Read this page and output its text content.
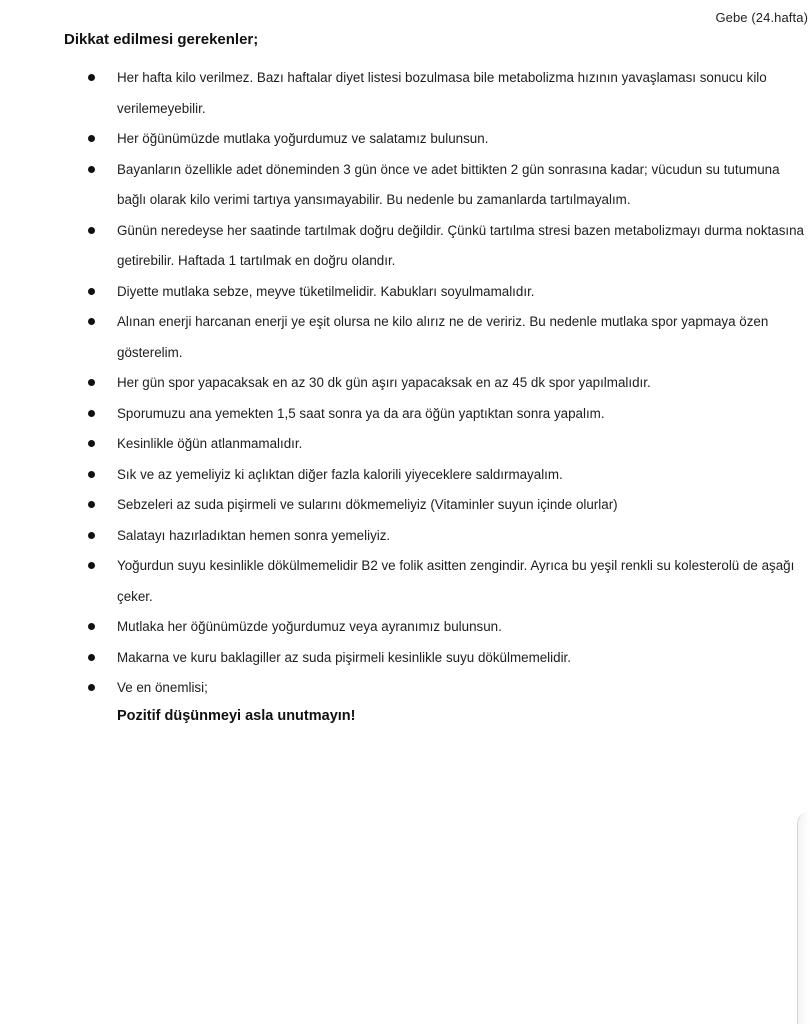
Gebe (24.hafta)
Dikkat edilmesi gerekenler;
Her hafta kilo verilmez. Bazı haftalar diyet listesi bozulmasa bile metabolizma hızının yavaşlaması sonucu kilo verilemeyebilir.
Her öğünümüzde mutlaka yoğurdumuz ve salatamız bulunsun.
Bayanların özellikle adet döneminden 3 gün önce ve adet bittikten 2 gün sonrasına kadar; vücudun su tutumuna bağlı olarak kilo verimi tartıya yansımayabilir. Bu nedenle bu zamanlarda tartılmayalım.
Günün neredeyse her saatinde tartılmak doğru değildir. Çünkü tartılma stresi bazen metabolizmayı durma noktasına getirebilir. Haftada 1 tartılmak en doğru olandır.
Diyette mutlaka sebze, meyve tüketilmelidir. Kabukları soyulmamalıdır.
Alınan enerji harcanan enerji ye eşit olursa ne kilo alırız ne de veririz. Bu nedenle mutlaka spor yapmaya özen gösterelim.
Her gün spor yapacaksak en az 30 dk gün aşırı yapacaksak en az 45 dk spor yapılmalıdır.
Sporumuzu ana yemekten 1,5 saat sonra ya da ara öğün yaptıktan sonra yapalım.
Kesinlikle öğün atlanmamalıdır.
Sık ve az yemeliyiz ki açlıktan diğer fazla kalorili yiyeceklere saldırmayalım.
Sebzeleri az suda pişirmeli ve sularını dökmemeliyiz (Vitaminler suyun içinde olurlar)
Salatayı hazırladıktan hemen sonra yemeliyiz.
Yoğurdun suyu kesinlikle dökülmemelidir B2 ve folik asitten zengindir. Ayrıca bu yeşil renkli su kolesterolü de aşağı çeker.
Mutlaka her öğünümüzde yoğurdumuz veya ayranımız bulunsun.
Makarna ve kuru baklagiller az suda pişirmeli kesinlikle suyu dökülmemelidir.
Ve en önemlisi;
Pozitif düşünmeyi asla unutmayın!
